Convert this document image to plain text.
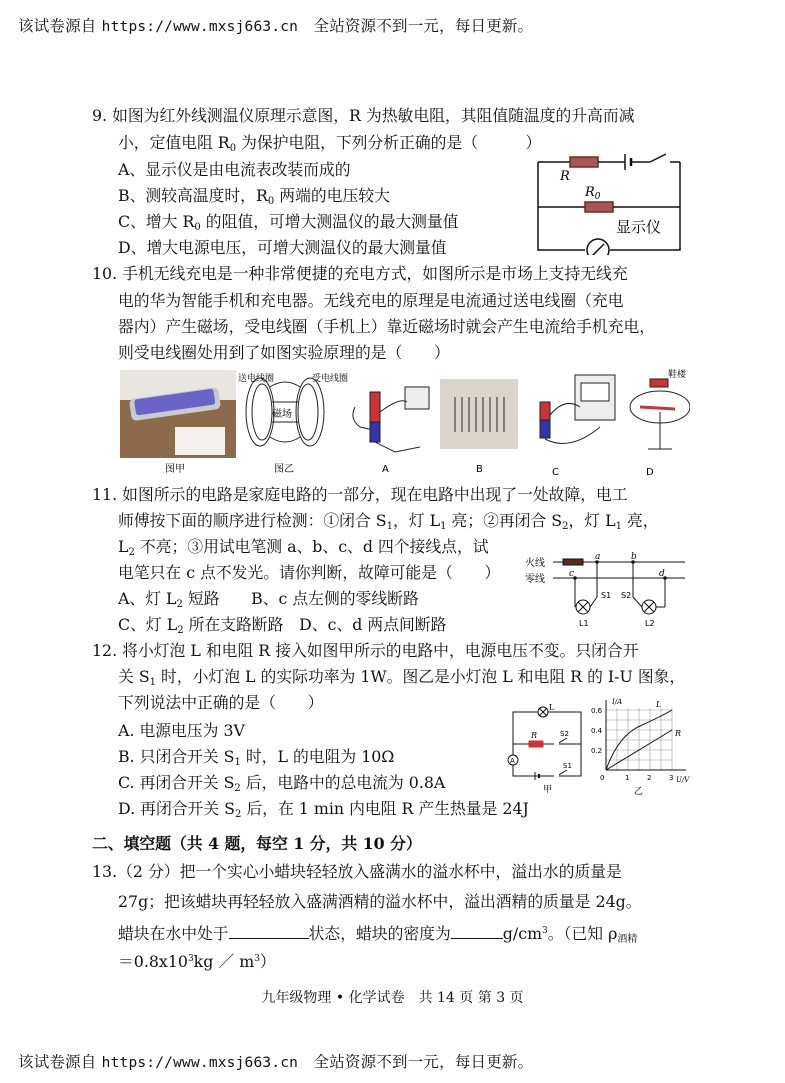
该试卷源自 https://www.mxsj663.cn 全站资源不到一元，每日更新。
9. 如图为红外线测温仪原理示意图，R 为热敏电阻，其阻值随温度的升高而减
小，定值电阻 R0 为保护电阻，下列分析正确的是（　　　）
A、显示仪是由电流表改装而成的
B、测较高温度时，R0 两端的电压较大
C、增大 R0 的阻值，可增大测温仪的最大测量值
D、增大电源电压，可增大测温仪的最大测量值
R
$R_0$
显示仪
10. 手机无线充电是一种非常便捷的充电方式，如图所示是市场上支持无线充
电的华为智能手机和充电器。无线充电的原理是电流通过送电线圈（充电
器内）产生磁场，受电线圈（手机上）靠近磁场时就会产生电流给手机充电，
则受电线圈处用到了如图实验原理的是（　　）
磁场
送电线圈	受电线圈	鞋楼
图甲	图乙	A	B	C	D
11. 如图所示的电路是家庭电路的一部分，现在电路中出现了一处故障，电工
师傅按下面的顺序进行检测：①闭合 S1，灯 L1 亮；②再闭合 S2，灯 L1 亮，
L2 不亮；③用试电笔测 a、b、c、d 四个接线点，试
电笔只在 c 点不发光。请你判断，故障可能是（　　）
A、灯 L2 短路　　B、c 点左侧的零线断路
C、灯 L2 所在支路断路　D、c、d 两点间断路
火线
零线
a	b
c	d
S1 S2
L1	L2
12. 将小灯泡 L 和电阻 R 接入如图甲所示的电路中，电源电压不变。只闭合开
关 S1 时，小灯泡 L 的实际功率为 1W。图乙是小灯泡 L 和电阻 R 的 I-U 图象，
下列说法中正确的是（　　）
A. 电源电压为 3V
B. 只闭合开关 S1 时，L 的电阻为 10Ω
C. 再闭合开关 S2 后，电路中的总电流为 0.8A
D. 再闭合开关 S2 后，在 1 min 内电阻 R 产生热量是 24J
L
R	S2
S1
A
甲
I/A
U/V
0.6
0.4
0.2
0	1	2	3
L
R
乙
二、填空题（共 4 题，每空 1 分，共 10 分）
13.（2 分）把一个实心小蜡块轻轻放入盛满水的溢水杯中，溢出水的质量是
27g；把该蜡块再轻轻放入盛满酒精的溢水杯中，溢出酒精的质量是 24g。
蜡块在水中处于	状态，蜡块的密度为	$g/cm^3$。（已知 ρ酒精
$=0.8x10^3kg$ ／ $m^3$）
九年级物理 • 化学试卷　共 14 页 第 3 页
该试卷源自 https://www.mxsj663.cn 全站资源不到一元，每日更新。
